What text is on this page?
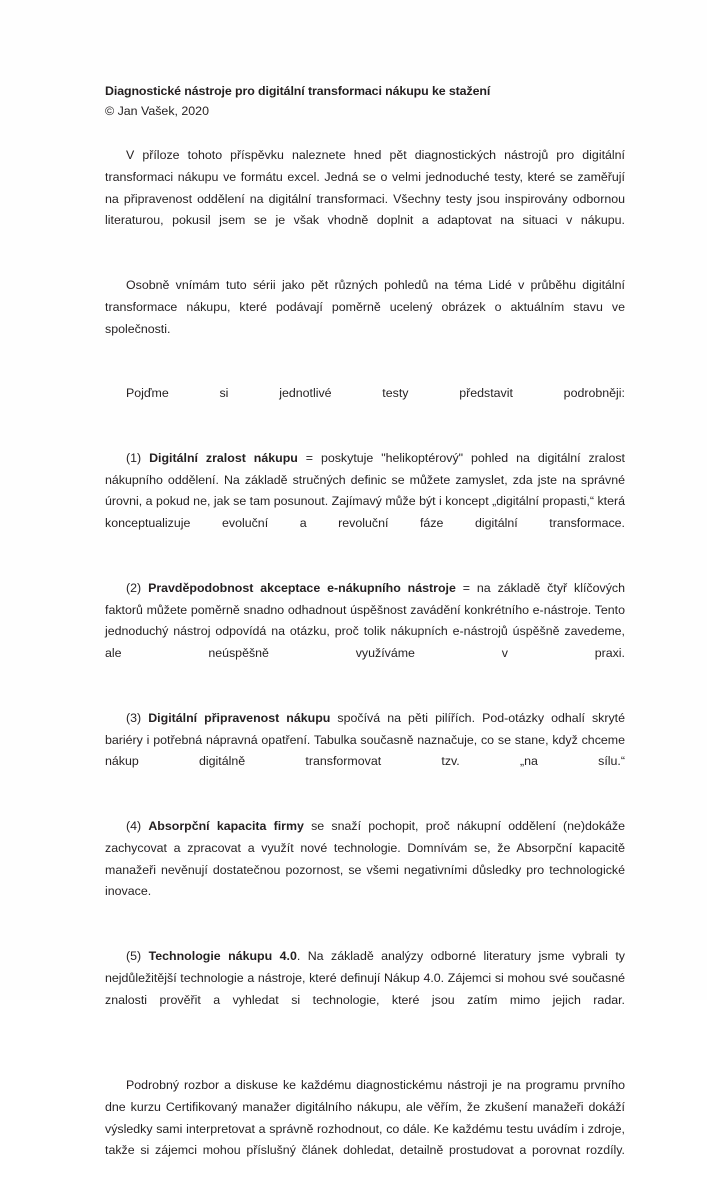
Diagnostické nástroje pro digitální transformaci nákupu ke stažení

© Jan Vašek, 2020

V příloze tohoto příspěvku naleznete hned pět diagnostických nástrojů pro digitální transformaci nákupu ve formátu excel. Jedná se o velmi jednoduché testy, které se zaměřují na připravenost oddělení na digitální transformaci. Všechny testy jsou inspirovány odbornou literaturou, pokusil jsem se je však vhodně doplnit a adaptovat na situaci v nákupu.

Osobně vnímám tuto sérii jako pět různých pohledů na téma Lidé v průběhu digitální transformace nákupu, které podávají poměrně ucelený obrázek o aktuálním stavu ve společnosti.

Pojďme si jednotlivé testy představit podrobněji:

(1) Digitální zralost nákupu = poskytuje "helikoptérový" pohled na digitální zralost nákupního oddělení. Na základě stručných definic se můžete zamyslet, zda jste na správné úrovni, a pokud ne, jak se tam posunout. Zajímavý může být i koncept „digitální propasti,“ která konceptualizuje evoluční a revoluční fáze digitální transformace.

(2) Pravděpodobnost akceptace e-nákupního nástroje = na základě čtyř klíčových faktorů můžete poměrně snadno odhadnout úspěšnost zavádění konkrétního e-nástroje. Tento jednoduchý nástroj odpovídá na otázku, proč tolik nákupních e-nástrojů úspěšně zavedeme, ale neúspěšně využíváme v praxi.

(3) Digitální připravenost nákupu spočívá na pěti pilířích. Pod-otázky odhalí skryté bariéry i potřebná nápravná opatření. Tabulka současně naznačuje, co se stane, když chceme nákup digitálně transformovat tzv. „na sílu.“

(4) Absorpční kapacita firmy se snaží pochopit, proč nákupní oddělení (ne)dokáže zachycovat a zpracovat a využít nové technologie. Domnívám se, že Absorpční kapacitě manažeři nevěnují dostatečnou pozornost, se všemi negativními důsledky pro technologické inovace.

(5) Technologie nákupu 4.0. Na základě analýzy odborné literatury jsme vybrali ty nejdůležitější technologie a nástroje, které definují Nákup 4.0. Zájemci si mohou své současné znalosti prověřit a vyhledat si technologie, které jsou zatím mimo jejich radar.

Podrobný rozbor a diskuse ke každému diagnostickému nástroji je na programu prvního dne kurzu Certifikovaný manažer digitálního nákupu, ale věřím, že zkušení manažeři dokáží výsledky sami interpretovat a správně rozhodnout, co dále. Ke každému testu uvádím i zdroje, takže si zájemci mohou příslušný článek dohledat, detailně prostudovat a porovnat rozdíly.
